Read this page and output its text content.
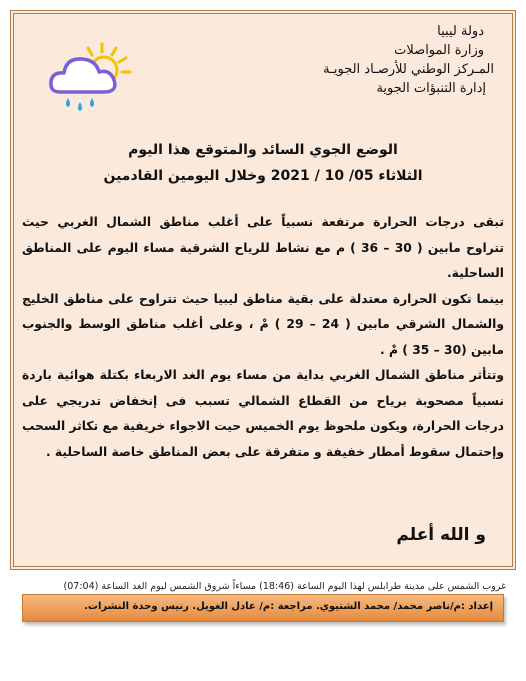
دولة ليبيا
وزارة المواصلات
المـركز الوطني للأرصـاد الجويـة
إدارة التنبؤات الجوية
الوضع الجوي السائد والمتوقع هذا اليوم
الثلاثاء 05/ 10 / 2021 وخلال اليومين القادمين

تبقى درجات الحرارة مرتفعة نسبياً على أغلب مناطق الشمال الغربي حيث تتراوح مابين ( 30 – 36 ) م مع نشاط للرياح الشرقية مساء اليوم على المناطق الساحلية.

بينما تكون الحرارة معتدلة على بقية مناطق ليبيا حيث تتراوح على مناطق الخليج والشمال الشرقي مابين ( 24 – 29 ) مْ ، وعلى أغلب مناطق الوسط والجنوب مابين (30 – 35 ) مْ .

وتتأثر مناطق الشمال الغربي بداية من مساء يوم الغد الاربعاء بكتلة هوائية باردة نسبياً مصحوبة برياح من القطاع الشمالي تسبب فى إنخفاض تدريجي على درجات الحرارة، ويكون ملحوظ يوم الخميس حيت الاجواء خريفية مع تكاثر السحب وإحتمال سقوط أمطار خفيفة و متفرقة على بعض المناطق خاصة الساحلية .

و الله أعلم
غروب الشمس على مدينة طرابلس لهذا اليوم الساعة (18:46) مساءاً شروق الشمس ليوم الغد الساعة (07:04)
إعداد :م/ناصر محمد/ محمد الشتيوي. مراجعة :م/ عادل الغويل. رنيس وحدة النشرات.
